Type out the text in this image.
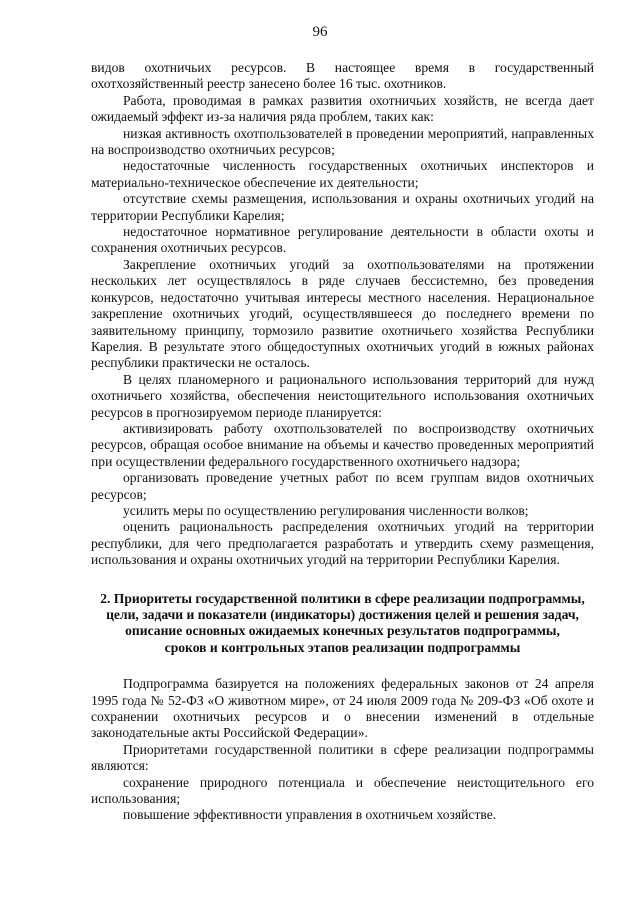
96

видов охотничьих ресурсов. В настоящее время в государственный охотхозяйственный реестр занесено более 16 тыс. охотников.

Работа, проводимая в рамках развития охотничьих хозяйств, не всегда дает ожидаемый эффект из-за наличия ряда проблем, таких как:

низкая активность охотпользователей в проведении мероприятий, направленных на воспроизводство охотничьих ресурсов;

недостаточные численность государственных охотничьих инспекторов и материально-техническое обеспечение их деятельности;

отсутствие схемы размещения, использования и охраны охотничьих угодий на территории Республики Карелия;

недостаточное нормативное регулирование деятельности в области охоты и сохранения охотничьих ресурсов.

Закрепление охотничьих угодий за охотпользователями на протяжении нескольких лет осуществлялось в ряде случаев бессистемно, без проведения конкурсов, недостаточно учитывая интересы местного населения. Нерациональное закрепление охотничьих угодий, осуществлявшееся до последнего времени по заявительному принципу, тормозило развитие охотничьего хозяйства Республики Карелия. В результате этого общедоступных охотничьих угодий в южных районах республики практически не осталось.

В целях планомерного и рационального использования территорий для нужд охотничьего хозяйства, обеспечения неистощительного использования охотничьих ресурсов в прогнозируемом периоде планируется:

активизировать работу охотпользователей по воспроизводству охотничьих ресурсов, обращая особое внимание на объемы и качество проведенных мероприятий при осуществлении федерального государственного охотничьего надзора;

организовать проведение учетных работ по всем группам видов охотничьих ресурсов;

усилить меры по осуществлению регулирования численности волков;

оценить рациональность распределения охотничьих угодий на территории республики, для чего предполагается разработать и утвердить схему размещения, использования и охраны охотничьих угодий на территории Республики Карелия.

2. Приоритеты государственной политики в сфере реализации подпрограммы,
цели, задачи и показатели (индикаторы) достижения целей и решения задач,
описание основных ожидаемых конечных результатов подпрограммы,
сроков и контрольных этапов реализации подпрограммы

Подпрограмма базируется на положениях федеральных законов от 24 апреля 1995 года № 52-ФЗ «О животном мире», от 24 июля 2009 года № 209-ФЗ «Об охоте и сохранении охотничьих ресурсов и о внесении изменений в отдельные законодательные акты Российской Федерации».

Приоритетами государственной политики в сфере реализации подпрограммы являются:

сохранение природного потенциала и обеспечение неистощительного его использования;

повышение эффективности управления в охотничьем хозяйстве.
